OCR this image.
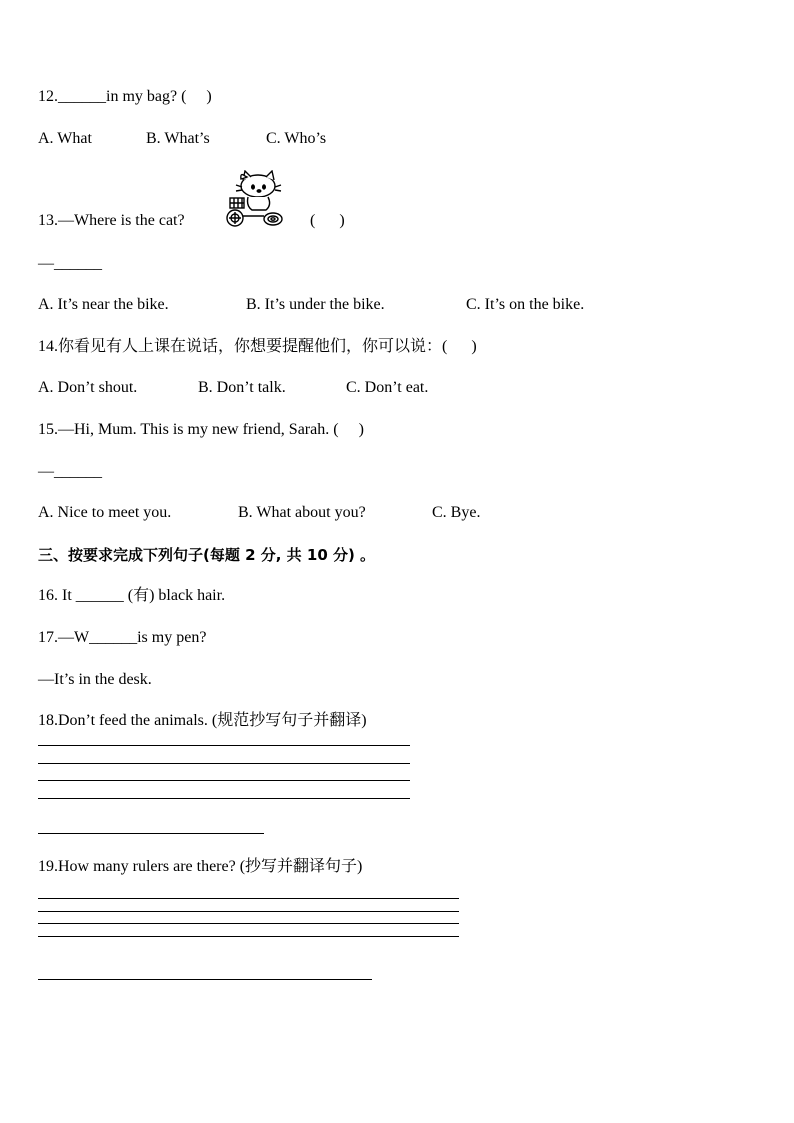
12.______in my bag? (     )
A. What	B. What’s	C. Who’s
13.—Where is the cat?	(      )
—______
A. It’s near the bike.	B. It’s under the bike.	C. It’s on the bike.
14.你看见有人上课在说话，你想要提醒他们，你可以说：(      )
A. Don’t shout.	B. Don’t talk.	C. Don’t eat.
15.—Hi, Mum. This is my new friend, Sarah. (     )
—______
A. Nice to meet you.	B. What about you?	C. Bye.
三、按要求完成下列句子(每题 2 分, 共 10 分) 。
16. It ______ (有) black hair.
17.—W______is my pen?
—It’s in the desk.
18.Don’t feed the animals. (规范抄写句子并翻译)
19.How many rulers are there? (抄写并翻译句子)
